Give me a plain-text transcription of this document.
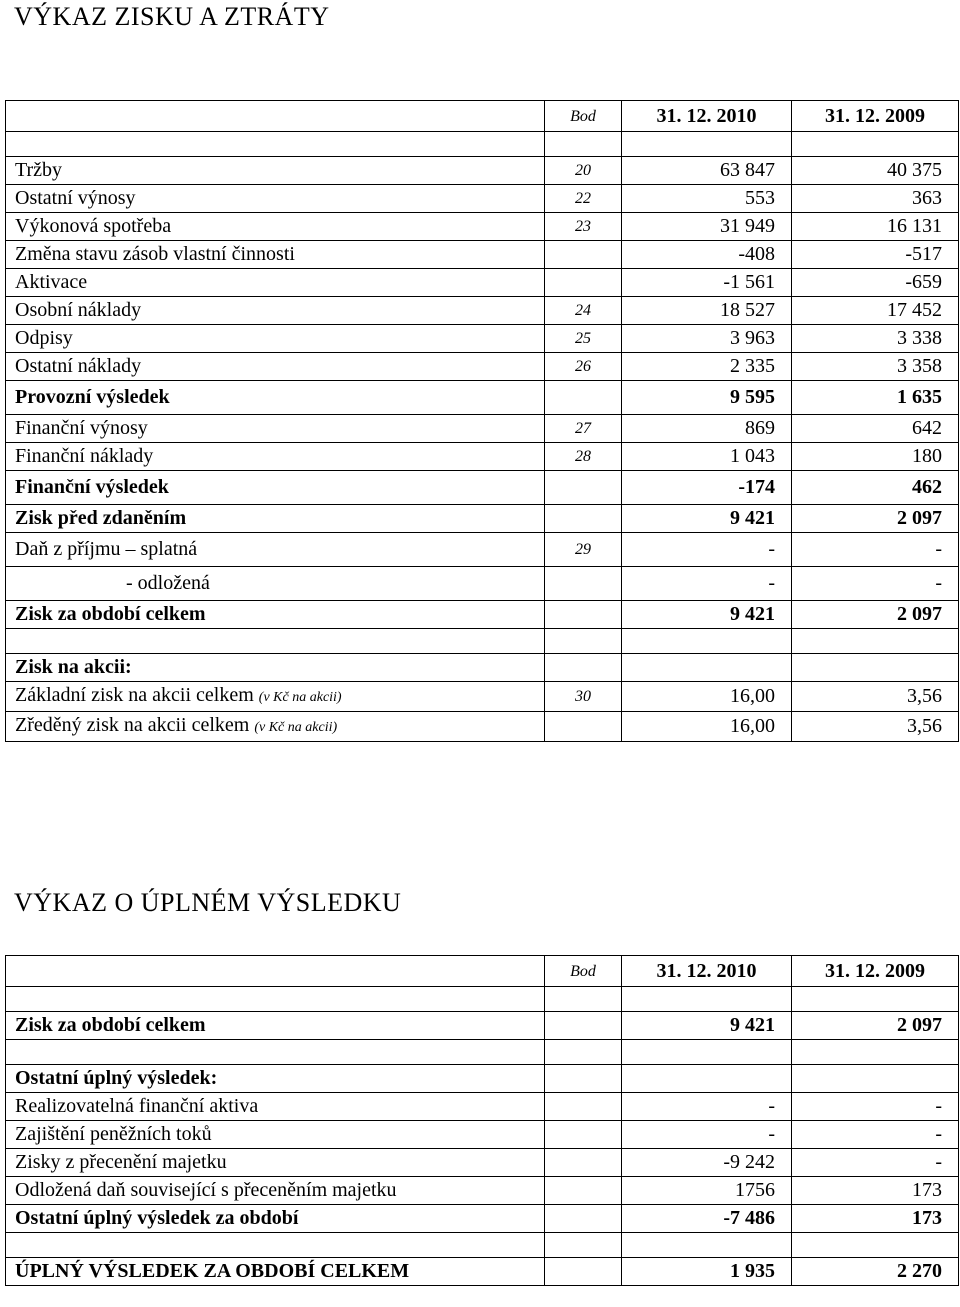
VÝKAZ ZISKU A ZTRÁTY
	Bod	31. 12. 2010	31. 12. 2009

Tržby	20	63 847	40 375
Ostatní výnosy	22	553	363
Výkonová spotřeba	23	31 949	16 131
Změna stavu zásob vlastní činnosti		-408	-517
Aktivace		-1 561	-659
Osobní náklady	24	18 527	17 452
Odpisy	25	3 963	3 338
Ostatní náklady	26	2 335	3 358
Provozní výsledek		9 595	1 635
Finanční výnosy	27	869	642
Finanční náklady	28	1 043	180
Finanční výsledek		-174	462
Zisk před zdaněním		9 421	2 097
Daň z příjmu – splatná	29	-	-
- odložená		-	-
Zisk za období celkem		9 421	2 097

Zisk na akcii:			
Základní zisk na akcii celkem (v Kč na akcii)	30	16,00	3,56
Zředěný zisk na akcii celkem (v Kč na akcii)		16,00	3,56
VÝKAZ O ÚPLNÉM VÝSLEDKU
	Bod	31. 12. 2010	31. 12. 2009

Zisk za období celkem		9 421	2 097

Ostatní úplný výsledek:			
Realizovatelná finanční aktiva		-	-
Zajištění peněžních toků		-	-
Zisky z přecenění majetku		-9 242	-
Odložená daň související s přeceněním majetku		1756	173
Ostatní úplný výsledek za období		-7 486	173

ÚPLNÝ VÝSLEDEK ZA OBDOBÍ CELKEM		1 935	2 270
